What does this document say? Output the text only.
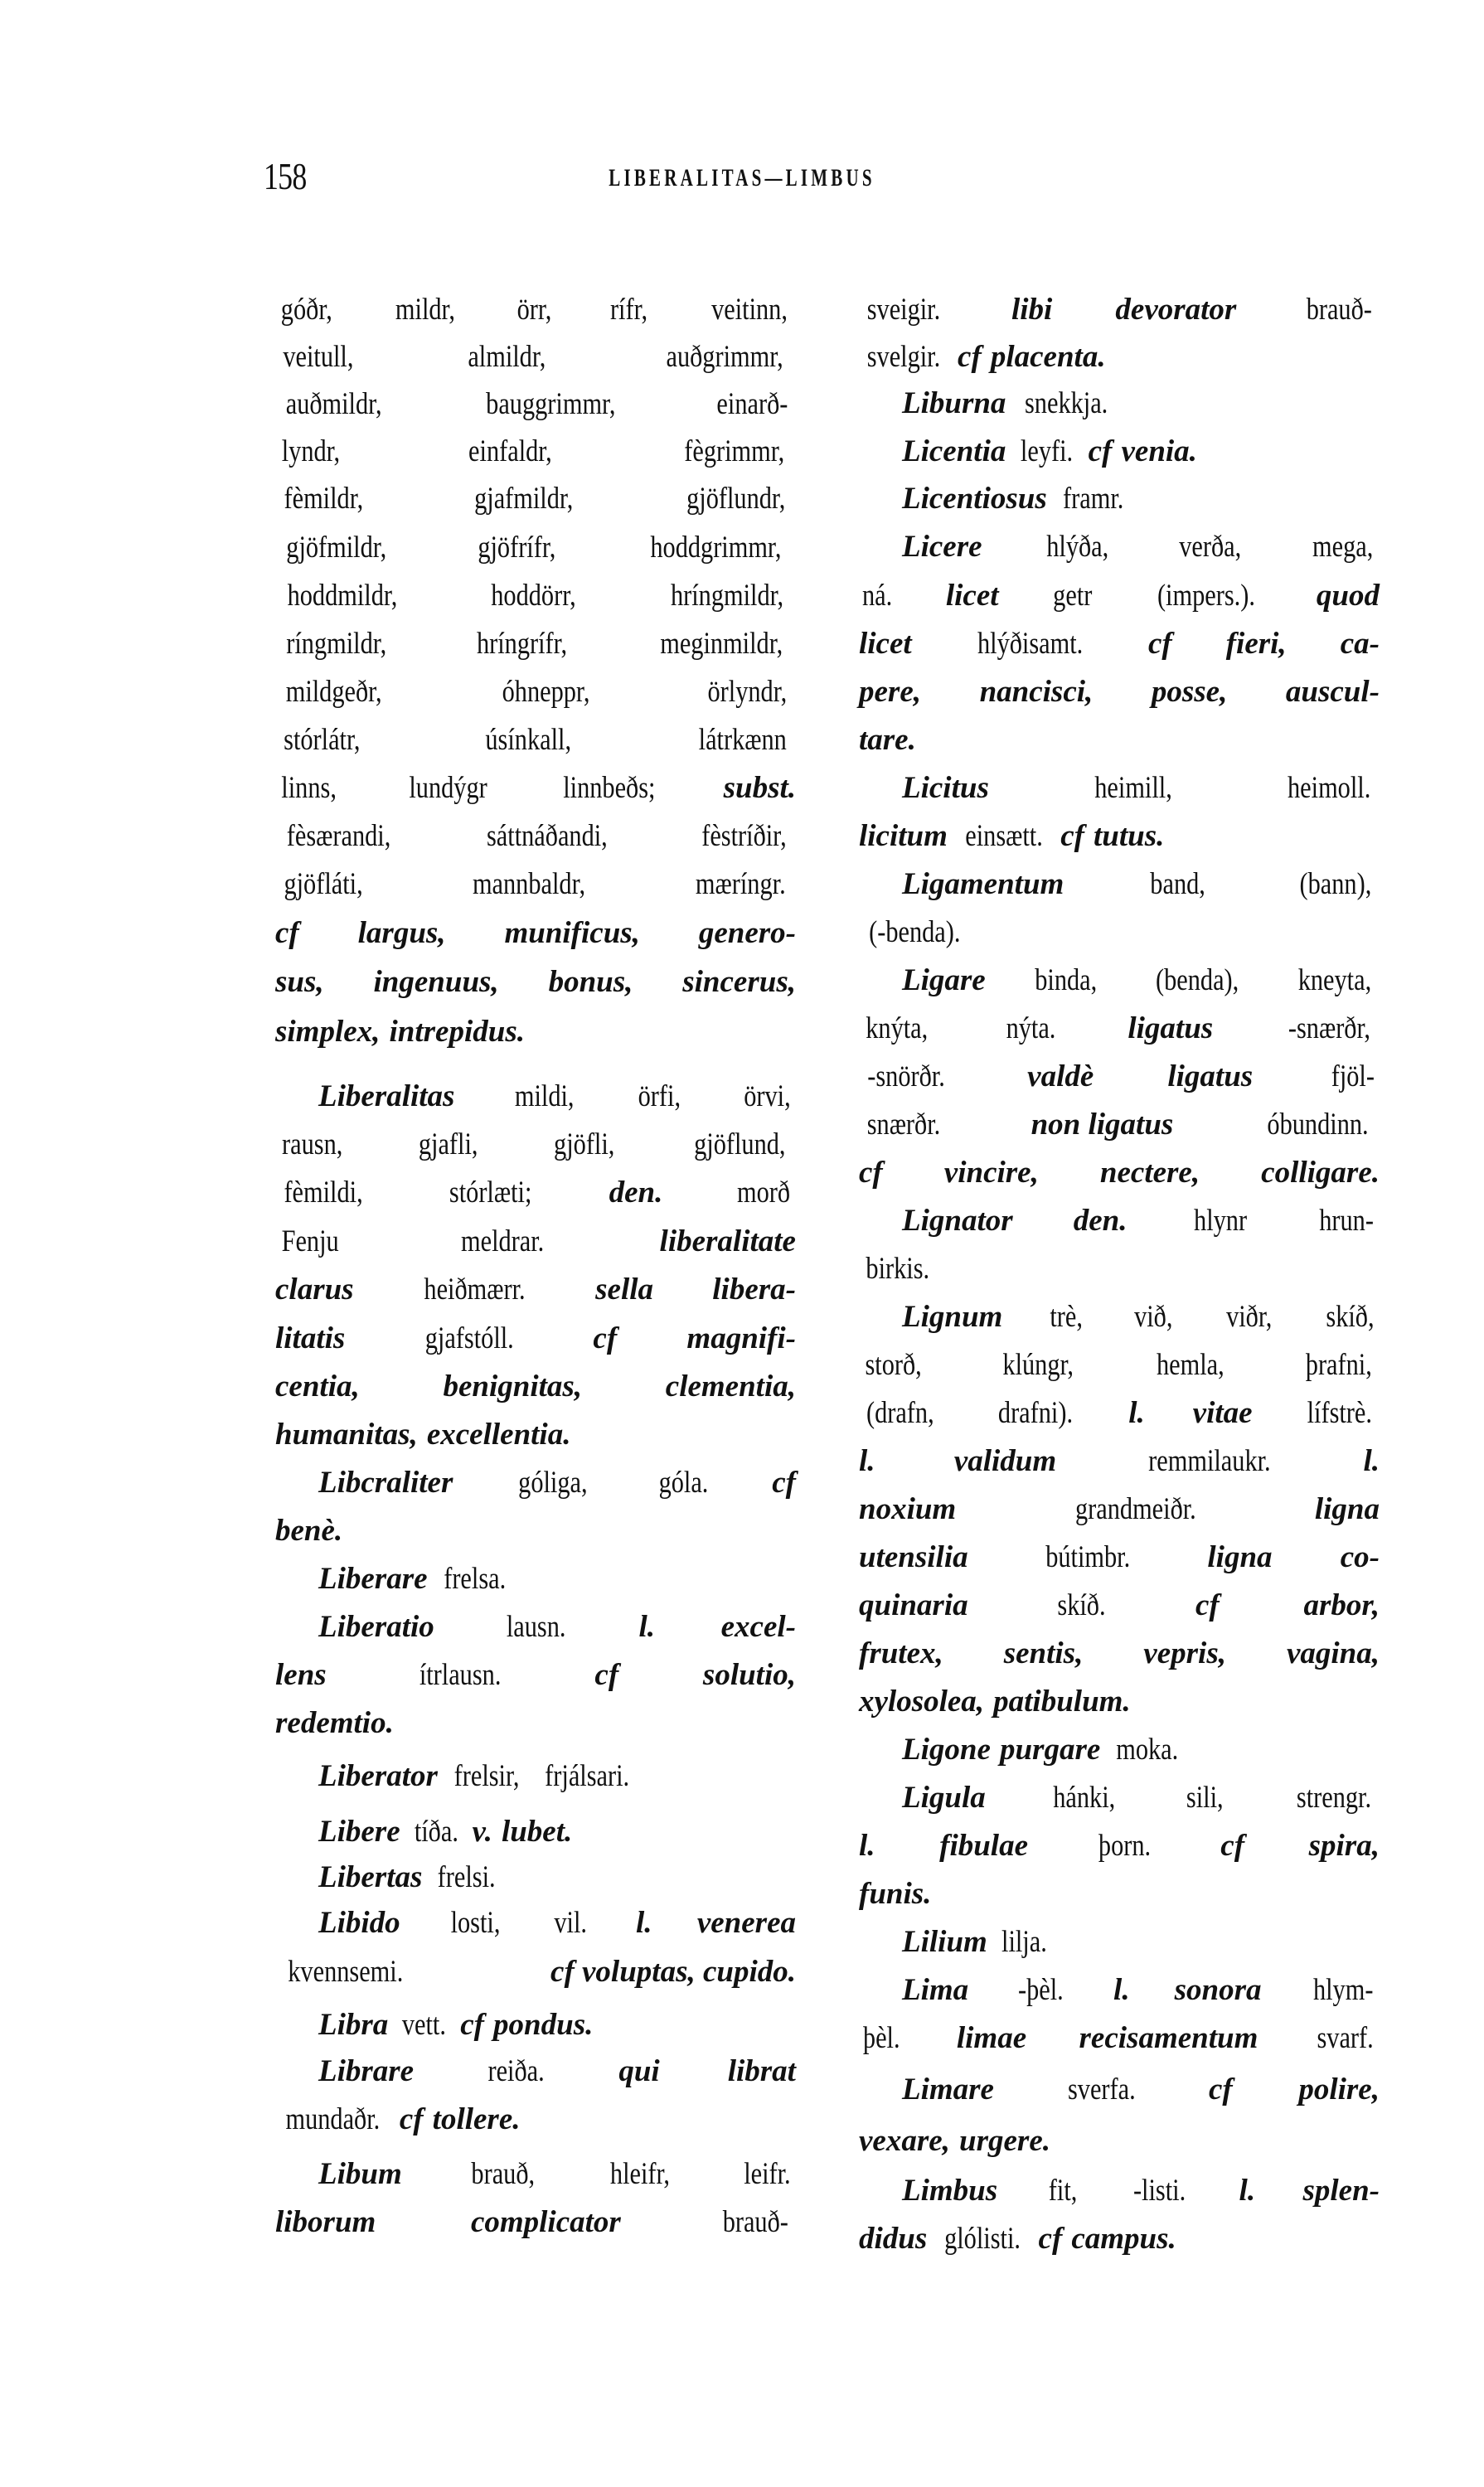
158	LIBERALITAS—LIMBUS
góðr, mildr, örr, rífr, veitinn,
veitull,	almildr,	auðgrimmr,
auðmildr,	bauggrimmr,	einarð-
lyndr,	einfaldr,	fègrimmr,
fèmildr,	gjafmildr,	gjöflundr,
gjöfmildr,	gjöfrífr,	hoddgrimmr,
hoddmildr,	hoddörr,	hríngmildr,
ríngmildr,	hríngrífr,	meginmildr,
mildgeðr,	óhneppr,	örlyndr,
stórlátr,	úsínkall,	látrkænn
linns, lundýgr linnbeðs; subst.
fèsærandi,	sáttnáðandi,	fèstríðir,
gjöfláti,	mannbaldr,	mæríngr.
cf largus, munificus, genero-
sus, ingenuus, bonus, sincerus,
simplex, intrepidus.
Liberalitas mildi, örfi, örvi,
rausn, gjafli, gjöfli,	gjöflund,
fèmildi,	stórlæti;	den. morð
Fenju	meldrar.	liberalitate
clarus heiðmærr. sella libera-
litatis	gjafstóll.	cf magnifi-
centia,	benignitas,	clementia,
humanitas, excellentia.
Libcraliter góliga, góla. cf
benè.
Liberare frelsa.
Liberatio lausn. l. excel-
lens	ítrlausn.	cf	solutio,
redemtio.
Liberator frelsir, frjálsari.
Libere tíða. v. lubet.
Libertas frelsi.
Libido losti, vil. l. venerea
kvennsemi.	cf voluptas, cupido.
Libra vett. cf pondus.
Librare reiða. qui librat
mundaðr. cf tollere.
Libum brauð, hleifr, leifr.
liborum	complicator	brauð-
sveigir. libi devorator brauð-
svelgir. cf placenta.
Liburna snekkja.
Licentia leyfi. cf venia.
Licentiosus framr.
Licere hlýða, verða, mega,
ná. licet getr (impers.). quod
licet hlýðisamt. cf fieri, ca-
pere, nancisci, posse, auscul-
tare.
Licitus	heimill,	heimoll.
licitum einsætt. cf tutus.
Ligamentum	band,	(bann),
(-benda).
Ligare binda, (benda), kneyta,
knýta,	nýta. ligatus -snærðr,
-snörðr.	valdè ligatus	fjöl-
snærðr.	non ligatus	óbundinn.
cf vincire, nectere, colligare.
Lignator den. hlynr hrun-
birkis.
Lignum trè, við, viðr, skíð,
storð,	klúngr,	hemla,	þrafni,
(drafn, drafni). l. vitae lífstrè.
l.	validum	remmilaukr.	l.
noxium	grandmeiðr.	ligna
utensilia	bútimbr.	ligna co-
quinaria	skíð.	cf	arbor,
frutex, sentis, vepris, vagina,
xylosolea, patibulum.
Ligone purgare moka.
Ligula hánki, sili, strengr.
l. fibulae þorn. cf spira,
funis.
Lilium lilja.
Lima -þèl. l. sonora hlym-
þèl. limae recisamentum svarf.
Limare sverfa. cf polire,
vexare, urgere.
Limbus fit, -listi. l. splen-
didus glólisti. cf campus.
